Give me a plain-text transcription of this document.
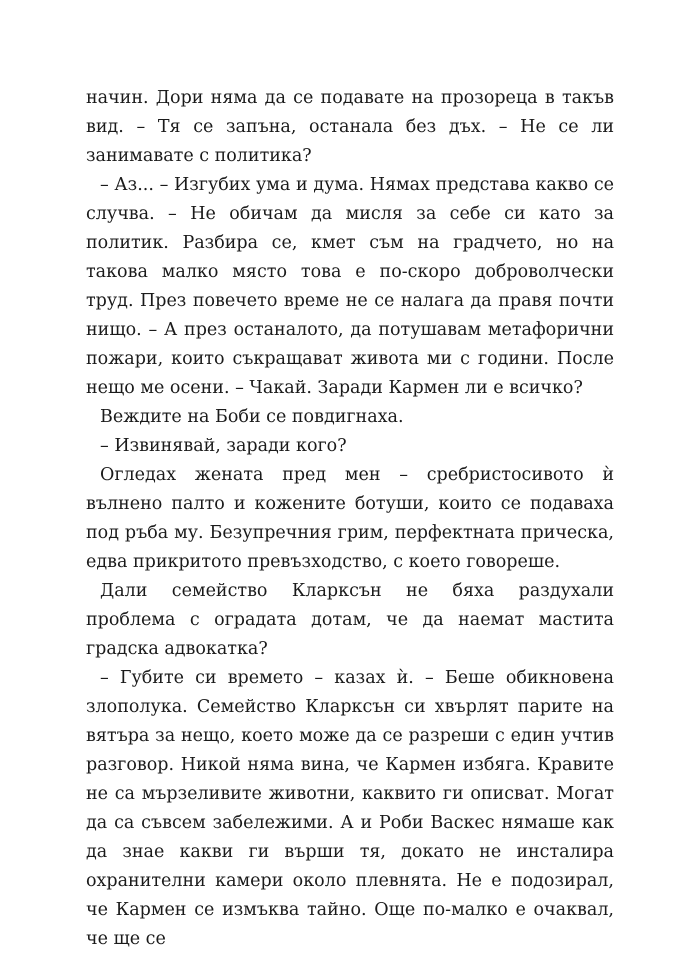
начин. Дори няма да се подавате на прозореца в такъв вид. – Тя се запъна, останала без дъх. – Не се ли занимавате с политика?

– Аз... – Изгубих ума и дума. Нямах представа какво се случва. – Не обичам да мисля за себе си като за политик. Разбира се, кмет съм на градчето, но на такова малко място това е по-скоро доброволчески труд. През повечето време не се налага да правя почти нищо. – А през останалото, да потушавам метафорични пожари, които съкращават живота ми с години. После нещо ме осени. – Чакай. Заради Кармен ли е всичко?

Веждите на Боби се повдигнаха.

– Извинявай, заради кого?

Огледах жената пред мен – сребристосивото ѝ вълнено палто и кожените ботуши, които се подаваха под ръба му. Безупречния грим, перфектната прическа, едва прикритото превъзходство, с което говореше.

Дали семейство Кларксън не бяха раздухали проблема с оградата дотам, че да наемат мастита градска адвокатка?

– Губите си времето – казах ѝ. – Беше обикновена злополука. Семейство Кларксън си хвърлят парите на вятъра за нещо, което може да се разреши с един учтив разговор. Никой няма вина, че Кармен избяга. Кравите не са мързеливите животни, каквито ги описват. Могат да са съвсем забележими. А и Роби Васкес нямаше как да знае какви ги върши тя, докато не инсталира охранителни камери около плевнята. Не е подозирал, че Кармен се измъква тайно. Още по-малко е очаквал, че ще се
